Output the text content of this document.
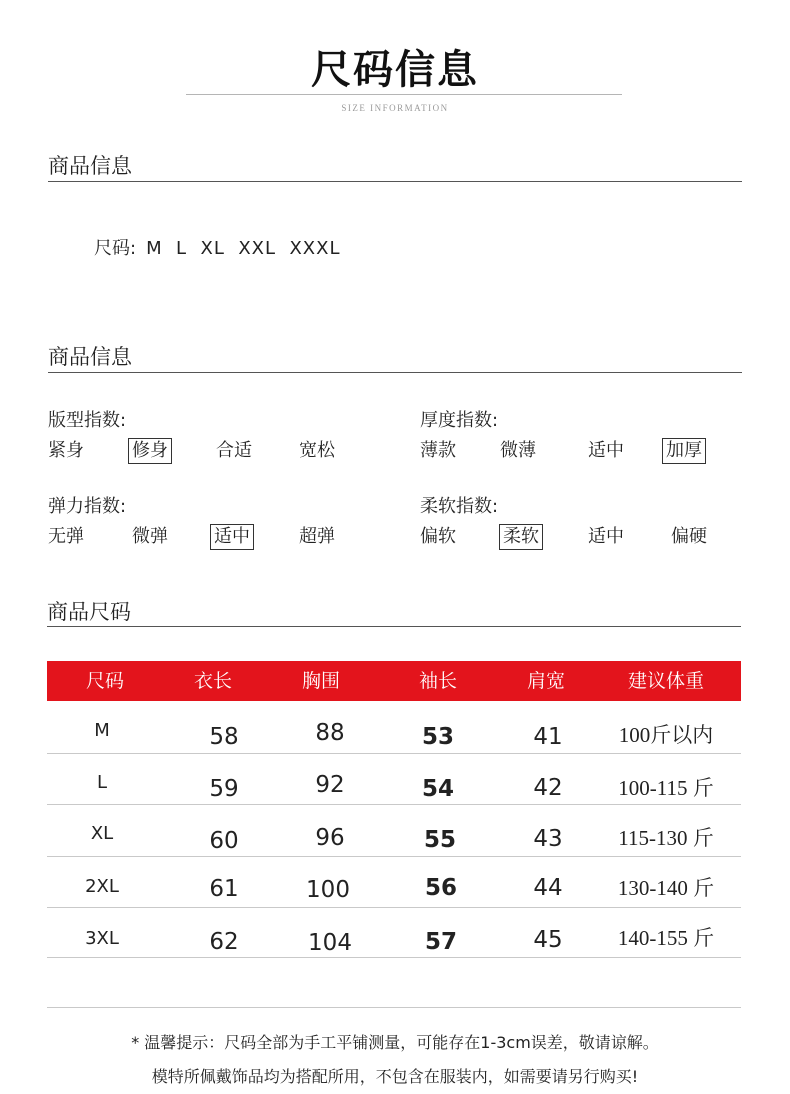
尺码信息
SIZE INFORMATION
商品信息
尺码: M  L  XL  XXL  XXXL
商品信息
版型指数:
紧身	修身	合适	宽松
厚度指数:
薄款 微薄	适中 加厚
弹力指数:
无弹	微弹	适中	超弹
柔软指数:
偏软	柔软	适中	偏硬
商品尺码
尺码	衣长	胸围	袖长	肩宽	建议体重
M	58	88	53	41	100斤以内
L	59	92	54	42	100-115 斤
XL	60	96	55	43	115-130 斤
2XL	61	100	56	44	130-140 斤
3XL	62	104	57	45	140-155 斤
* 温馨提示：尺码全部为手工平铺测量，可能存在1-3cm误差，敬请谅解。
模特所佩戴饰品均为搭配所用，不包含在服装内，如需要请另行购买!
